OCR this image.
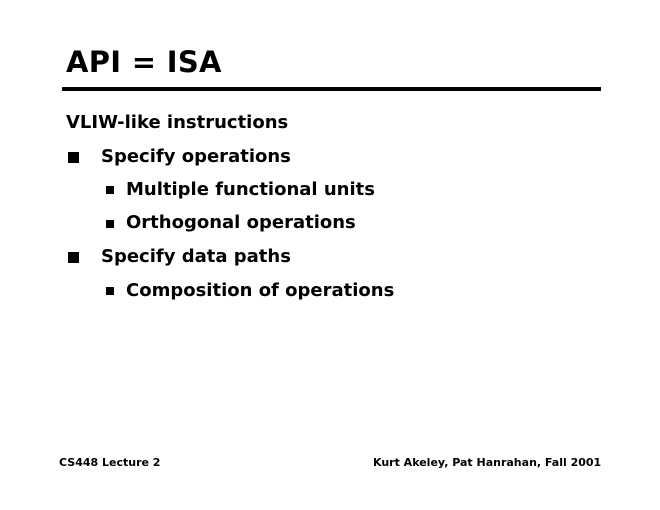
API = ISA
VLIW-like instructions
Specify operations
Multiple functional units
Orthogonal operations
Specify data paths
Composition of operations
CS448 Lecture 2	Kurt Akeley, Pat Hanrahan, Fall 2001
